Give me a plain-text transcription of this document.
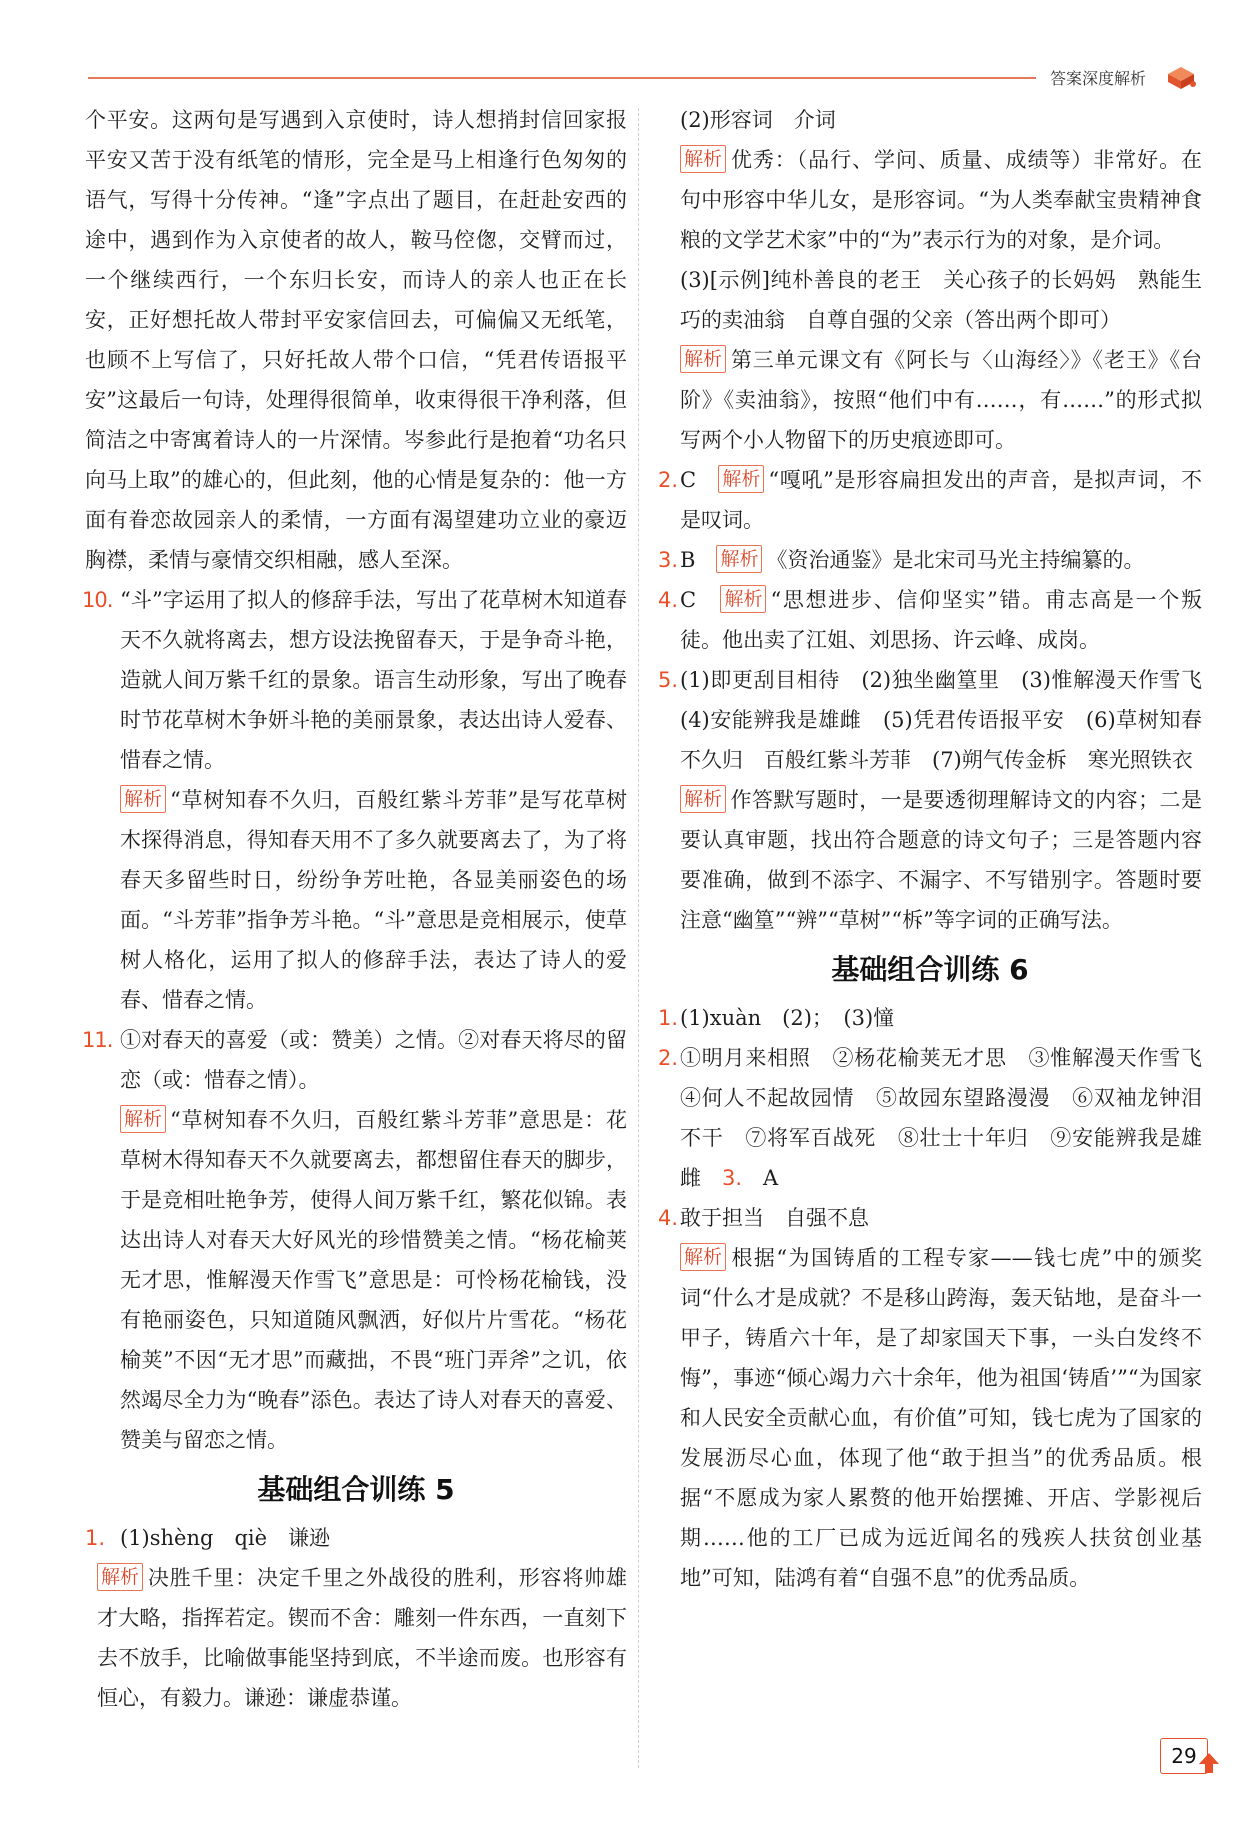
答案深度解析

个平安。这两句是写遇到入京使时，诗人想捎封信回家报平安又苦于没有纸笔的情形，完全是马上相逢行色匆匆的语气，写得十分传神。“逢”字点出了题目，在赶赴安西的途中，遇到作为入京使者的故人，鞍马倥偬，交臂而过，一个继续西行，一个东归长安，而诗人的亲人也正在长安，正好想托故人带封平安家信回去，可偏偏又无纸笔，也顾不上写信了，只好托故人带个口信，“凭君传语报平安”这最后一句诗，处理得很简单，收束得很干净利落，但简洁之中寄寓着诗人的一片深情。岑参此行是抱着“功名只向马上取”的雄心的，但此刻，他的心情是复杂的：他一方面有眷恋故园亲人的柔情，一方面有渴望建功立业的豪迈胸襟，柔情与豪情交织相融，感人至深。

10. “斗”字运用了拟人的修辞手法，写出了花草树木知道春天不久就将离去，想方设法挽留春天，于是争奇斗艳，造就人间万紫千红的景象。语言生动形象，写出了晚春时节花草树木争妍斗艳的美丽景象，表达出诗人爱春、惜春之情。
解析 “草树知春不久归，百般红紫斗芳菲”是写花草树木探得消息，得知春天用不了多久就要离去了，为了将春天多留些时日，纷纷争芳吐艳，各显美丽姿色的场面。“斗芳菲”指争芳斗艳。“斗”意思是竞相展示，使草树人格化，运用了拟人的修辞手法，表达了诗人的爱春、惜春之情。
11. ①对春天的喜爱（或：赞美）之情。②对春天将尽的留恋（或：惜春之情）。
解析 “草树知春不久归，百般红紫斗芳菲”意思是：花草树木得知春天不久就要离去，都想留住春天的脚步，于是竞相吐艳争芳，使得人间万紫千红，繁花似锦。表达出诗人对春天大好风光的珍惜赞美之情。“杨花榆荚无才思，惟解漫天作雪飞”意思是：可怜杨花榆钱，没有艳丽姿色，只知道随风飘洒，好似片片雪花。“杨花榆荚”不因“无才思”而藏拙，不畏“班门弄斧”之讥，依然竭尽全力为“晚春”添色。表达了诗人对春天的喜爱、赞美与留恋之情。
基础组合训练 5
1. (1)shèng　qiè　谦逊
解析 决胜千里：决定千里之外战役的胜利，形容将帅雄才大略，指挥若定。锲而不舍：雕刻一件东西，一直刻下去不放手，比喻做事能坚持到底，不半途而废。也形容有恒心，有毅力。谦逊：谦虚恭谨。
(2)形容词　介词
解析 优秀：（品行、学问、质量、成绩等）非常好。在句中形容中华儿女，是形容词。“为人类奉献宝贵精神食粮的文学艺术家”中的“为”表示行为的对象，是介词。
(3)[示例]纯朴善良的老王　关心孩子的长妈妈　熟能生巧的卖油翁　自尊自强的父亲（答出两个即可）
解析 第三单元课文有《阿长与〈山海经〉》《老王》《台阶》《卖油翁》，按照“他们中有……，有……”的形式拟写两个小人物留下的历史痕迹即可。
2. C　 解析 “嘎吼”是形容扁担发出的声音，是拟声词，不是叹词。
3. B　 解析 《资治通鉴》是北宋司马光主持编纂的。
4. C　 解析 “思想进步、信仰坚实”错。甫志高是一个叛徒。他出卖了江姐、刘思扬、许云峰、成岗。
5. (1)即更刮目相待　(2)独坐幽篁里　(3)惟解漫天作雪飞　(4)安能辨我是雄雌　(5)凭君传语报平安　(6)草树知春不久归　百般红紫斗芳菲　(7)朔气传金柝　寒光照铁衣
解析 作答默写题时，一是要透彻理解诗文的内容；二是要认真审题，找出符合题意的诗文句子；三是答题内容要准确，做到不添字、不漏字、不写错别字。答题时要注意“幽篁”“辨”“草树”“柝”等字词的正确写法。
基础组合训练 6
1. (1)xuàn　(2)；　(3)憧
2. ①明月来相照　②杨花榆荚无才思　③惟解漫天作雪飞　④何人不起故园情　⑤故园东望路漫漫　⑥双袖龙钟泪不干　⑦将军百战死　⑧壮士十年归　⑨安能辨我是雄雌　 3.　 A
4. 敢于担当　自强不息
解析 根据“为国铸盾的工程专家——钱七虎”中的颁奖词“什么才是成就？不是移山跨海，轰天钻地，是奋斗一甲子，铸盾六十年，是了却家国天下事，一头白发终不悔”，事迹“倾心竭力六十余年，他为祖国‘铸盾’”“为国家和人民安全贡献心血，有价值”可知，钱七虎为了国家的发展沥尽心血，体现了他“敢于担当”的优秀品质。根据“不愿成为家人累赘的他开始摆摊、开店、学影视后期……他的工厂已成为远近闻名的残疾人扶贫创业基地”可知，陆鸿有着“自强不息”的优秀品质。
29
